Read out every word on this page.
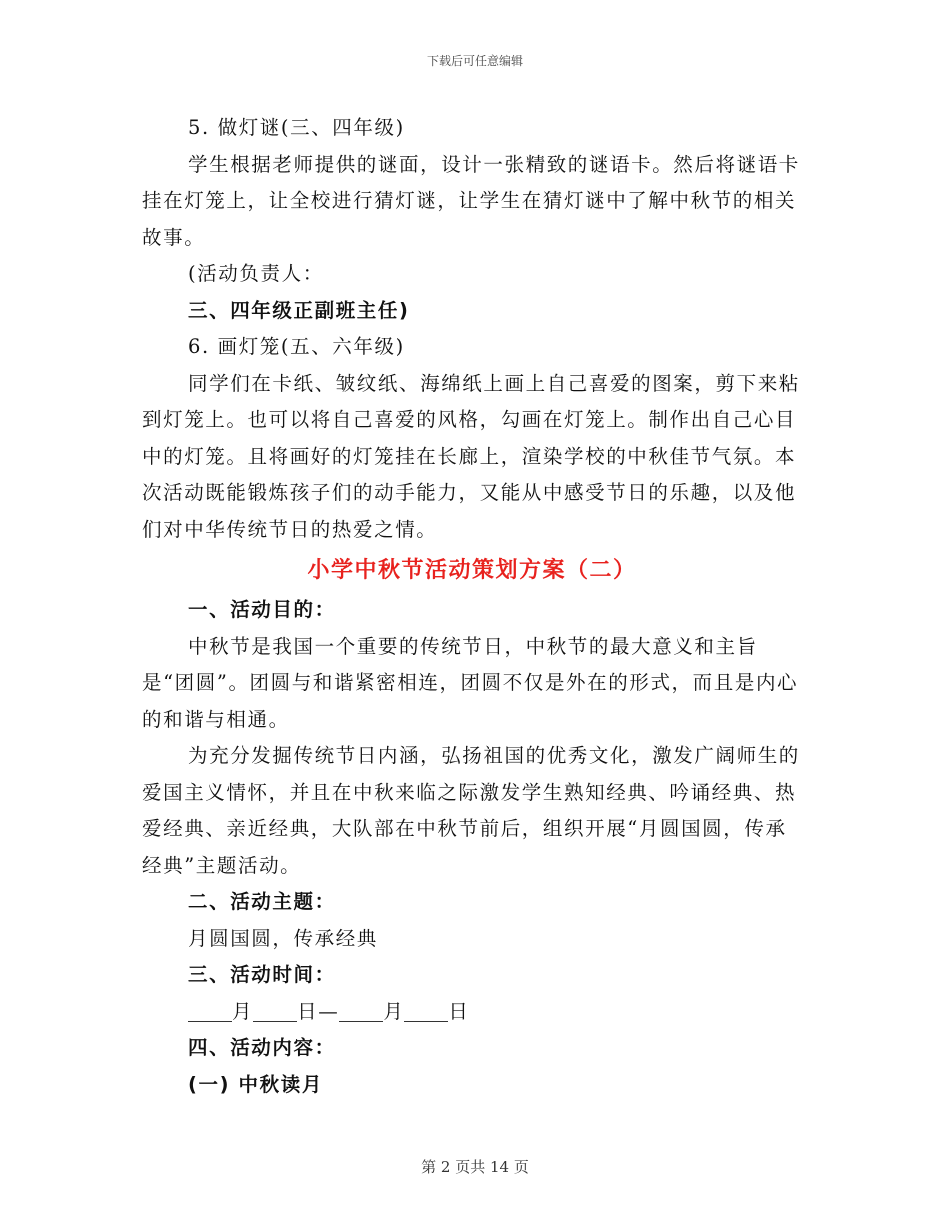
下载后可任意编辑

5. 做灯谜(三、四年级)

学生根据老师提供的谜面，设计一张精致的谜语卡。然后将谜语卡挂在灯笼上，让全校进行猜灯谜，让学生在猜灯谜中了解中秋节的相关故事。

(活动负责人：

三、四年级正副班主任)

6. 画灯笼(五、六年级)

同学们在卡纸、皱纹纸、海绵纸上画上自己喜爱的图案，剪下来粘到灯笼上。也可以将自己喜爱的风格，勾画在灯笼上。制作出自己心目中的灯笼。且将画好的灯笼挂在长廊上，渲染学校的中秋佳节气氛。本次活动既能锻炼孩子们的动手能力，又能从中感受节日的乐趣，以及他们对中华传统节日的热爱之情。

小学中秋节活动策划方案（二）

一、活动目的：

中秋节是我国一个重要的传统节日，中秋节的最大意义和主旨是“团圆”。团圆与和谐紧密相连，团圆不仅是外在的形式，而且是内心的和谐与相通。

为充分发掘传统节日内涵，弘扬祖国的优秀文化，激发广阔师生的爱国主义情怀，并且在中秋来临之际激发学生熟知经典、吟诵经典、热爱经典、亲近经典，大队部在中秋节前后，组织开展“月圆国圆，传承经典”主题活动。

二、活动主题：

月圆国圆，传承经典

三、活动时间：

月 日— 月 日

四、活动内容：

(一) 中秋读月

第 2 页共 14 页
